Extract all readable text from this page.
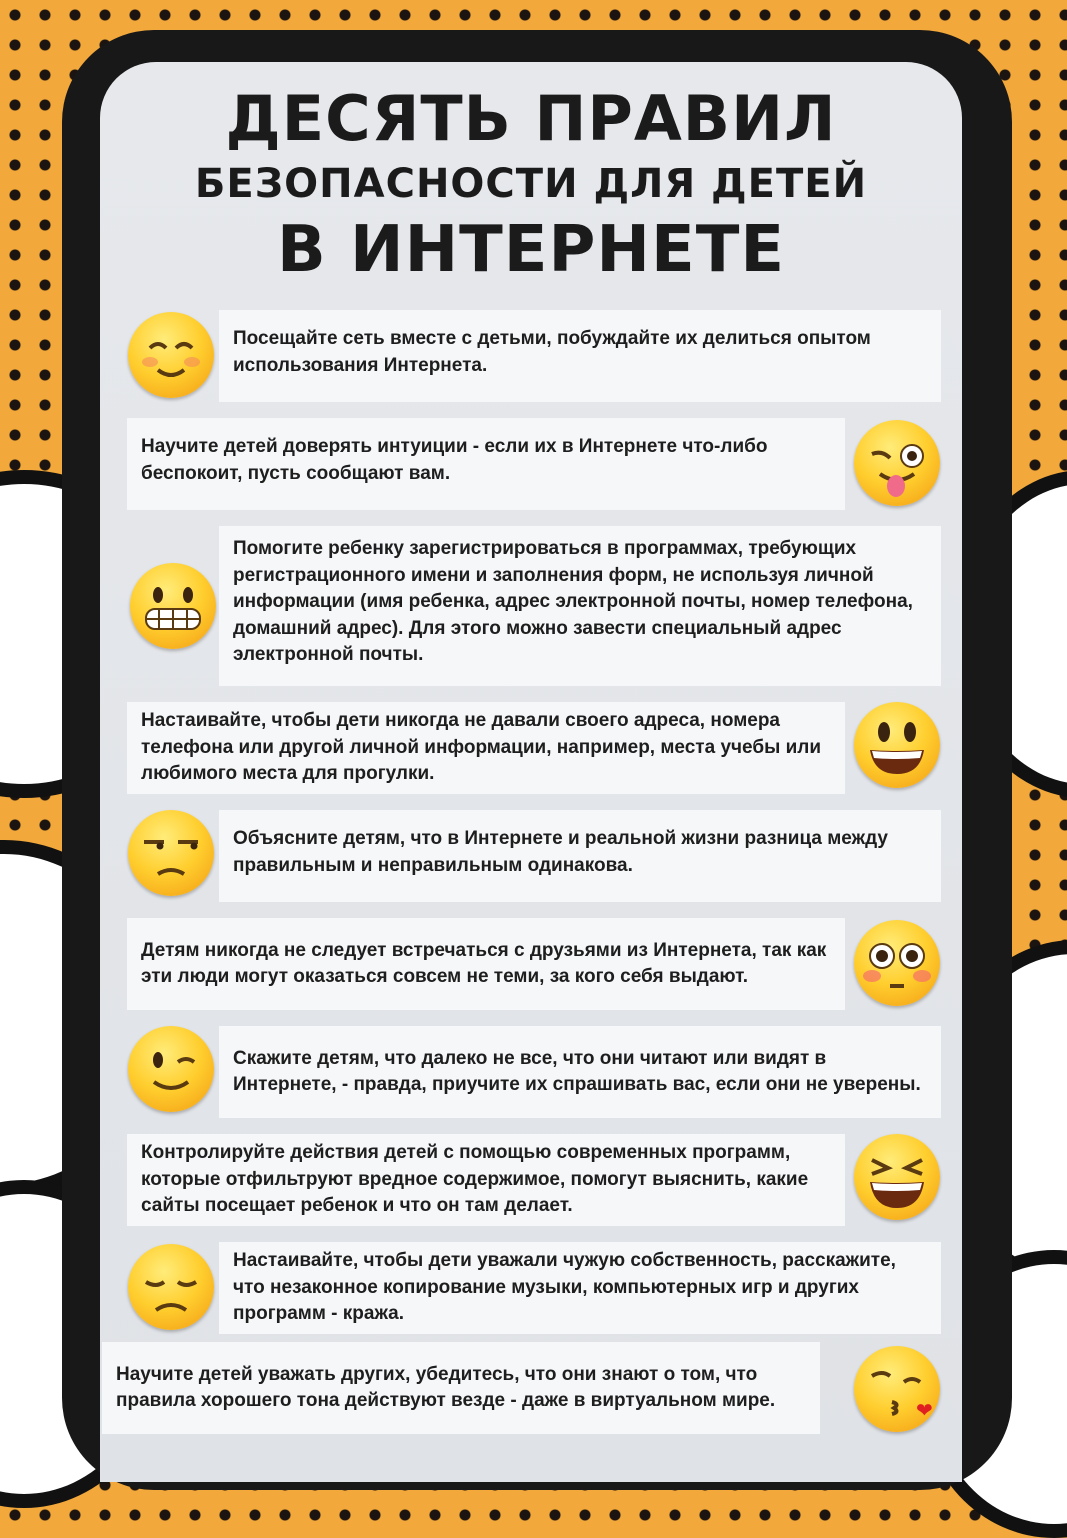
ДЕСЯТЬ ПРАВИЛ
БЕЗОПАСНОСТИ ДЛЯ ДЕТЕЙ
В ИНТЕРНЕТЕ
Посещайте сеть вместе с детьми, побуждайте их делиться опытом использования Интернета.
Научите детей доверять интуиции - если их в Интернете что-либо беспокоит, пусть сообщают вам.
Помогите ребенку зарегистрироваться в программах, требующих регистрационного имени и заполнения форм, не используя личной информации (имя ребенка, адрес электронной почты, номер телефона, домашний адрес). Для этого можно завести специальный адрес электронной почты.
Настаивайте, чтобы дети никогда не давали своего адреса, номера телефона или другой личной информации, например, места учебы или любимого места для прогулки.
Объясните детям, что в Интернете и реальной жизни разница между правильным и неправильным одинакова.
Детям никогда не следует встречаться с друзьями из Интернета, так как эти люди могут оказаться совсем не теми, за кого себя выдают.
Скажите детям, что далеко не все, что они читают или видят в Интернете, - правда, приучите их спрашивать вас, если они не уверены.
Контролируйте действия детей с помощью современных программ, которые отфильтруют вредное содержимое, помогут выяснить, какие сайты посещает ребенок и что он там делает.
Настаивайте, чтобы дети уважали чужую собственность, расскажите, что незаконное копирование музыки, компьютерных игр и других программ - кража.
Научите детей уважать других, убедитесь, что они знают о том, что правила хорошего тона действуют везде - даже в виртуальном мире.	❤
